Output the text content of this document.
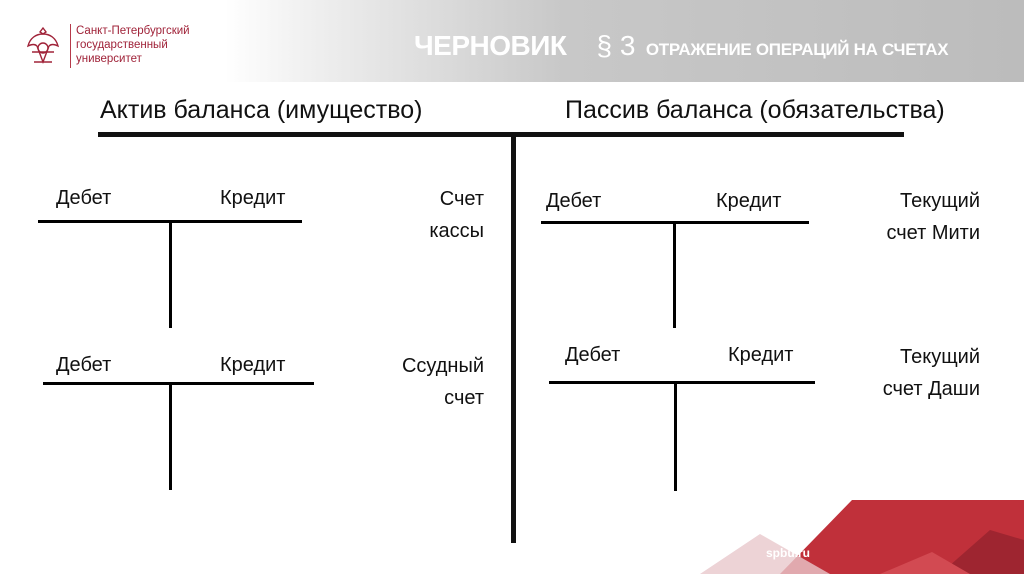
Санкт-Петербургский
государственный
университет	ЧЕРНОВИК § 3 ОТРАЖЕНИЕ ОПЕРАЦИЙ НА СЧЕТАХ
Актив баланса (имущество)	Пассив баланса (обязательства)
Дебет	Кредит	Счет
кассы
Дебет	Кредит	Ссудный
счет
Дебет	Кредит	Текущий
счет Мити
Дебет	Кредит	Текущий
счет Даши
spbu.ru
